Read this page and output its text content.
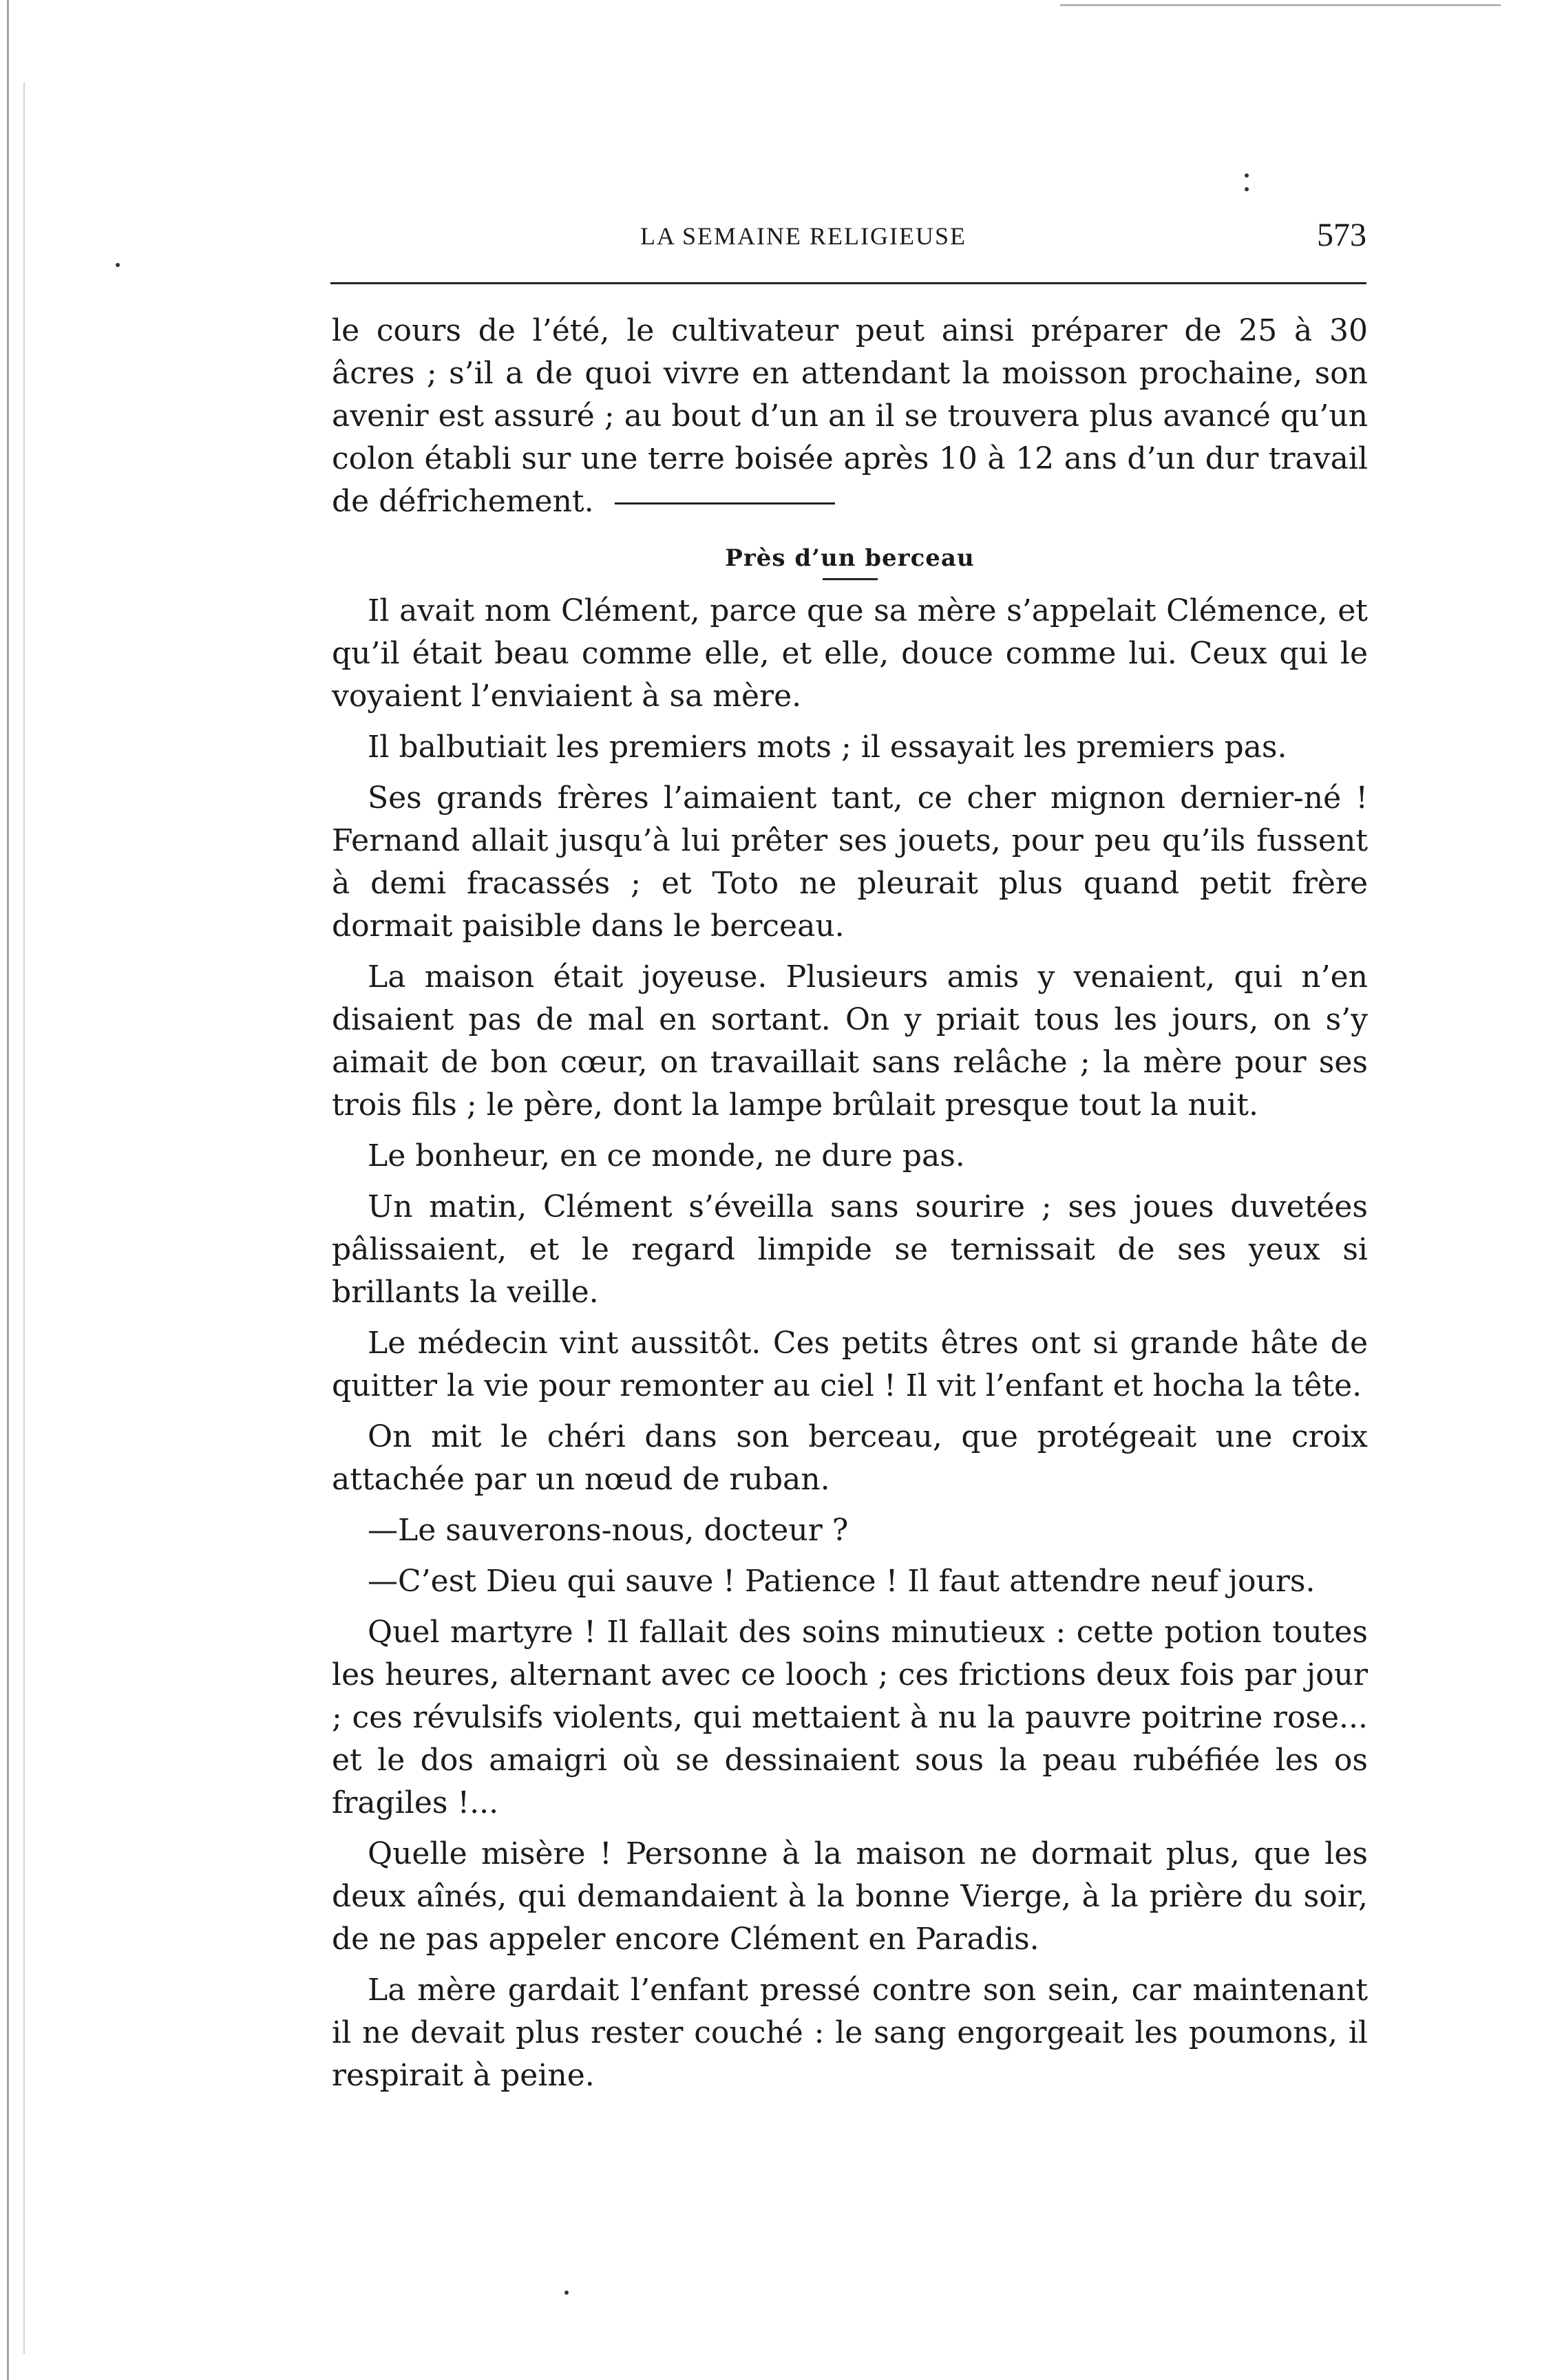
LA SEMAINE RELIGIEUSE	573

le cours de l’été, le cultivateur peut ainsi préparer de 25 à 30 âcres ; s’il a de quoi vivre en attendant la moisson prochaine, son avenir est assuré ; au bout d’un an il se trouvera plus avancé qu’un colon établi sur une terre boisée après 10 à 12 ans d’un dur travail de défrichement.

Près d’un berceau

Il avait nom Clément, parce que sa mère s’appelait Clémence, et qu’il était beau comme elle, et elle, douce comme lui. Ceux qui le voyaient l’enviaient à sa mère.

Il balbutiait les premiers mots ; il essayait les premiers pas.

Ses grands frères l’aimaient tant, ce cher mignon dernier-né ! Fernand allait jusqu’à lui prêter ses jouets, pour peu qu’ils fussent à demi fracassés ; et Toto ne pleurait plus quand petit frère dormait paisible dans le berceau.

La maison était joyeuse. Plusieurs amis y venaient, qui n’en disaient pas de mal en sortant. On y priait tous les jours, on s’y aimait de bon cœur, on travaillait sans relâche ; la mère pour ses trois fils ; le père, dont la lampe brûlait presque tout la nuit.

Le bonheur, en ce monde, ne dure pas.

Un matin, Clément s’éveilla sans sourire ; ses joues duvetées pâlissaient, et le regard limpide se ternissait de ses yeux si brillants la veille.

Le médecin vint aussitôt. Ces petits êtres ont si grande hâte de quitter la vie pour remonter au ciel ! Il vit l’enfant et hocha la tête.

On mit le chéri dans son berceau, que protégeait une croix attachée par un nœud de ruban.

—Le sauverons-nous, docteur ?

—C’est Dieu qui sauve ! Patience ! Il faut attendre neuf jours.

Quel martyre ! Il fallait des soins minutieux : cette potion toutes les heures, alternant avec ce looch ; ces frictions deux fois par jour ; ces révulsifs violents, qui mettaient à nu la pauvre poitrine rose... et le dos amaigri où se dessinaient sous la peau rubéfiée les os fragiles !...

Quelle misère ! Personne à la maison ne dormait plus, que les deux aînés, qui demandaient à la bonne Vierge, à la prière du soir, de ne pas appeler encore Clément en Paradis.

La mère gardait l’enfant pressé contre son sein, car maintenant il ne devait plus rester couché : le sang engorgeait les poumons, il respirait à peine.
